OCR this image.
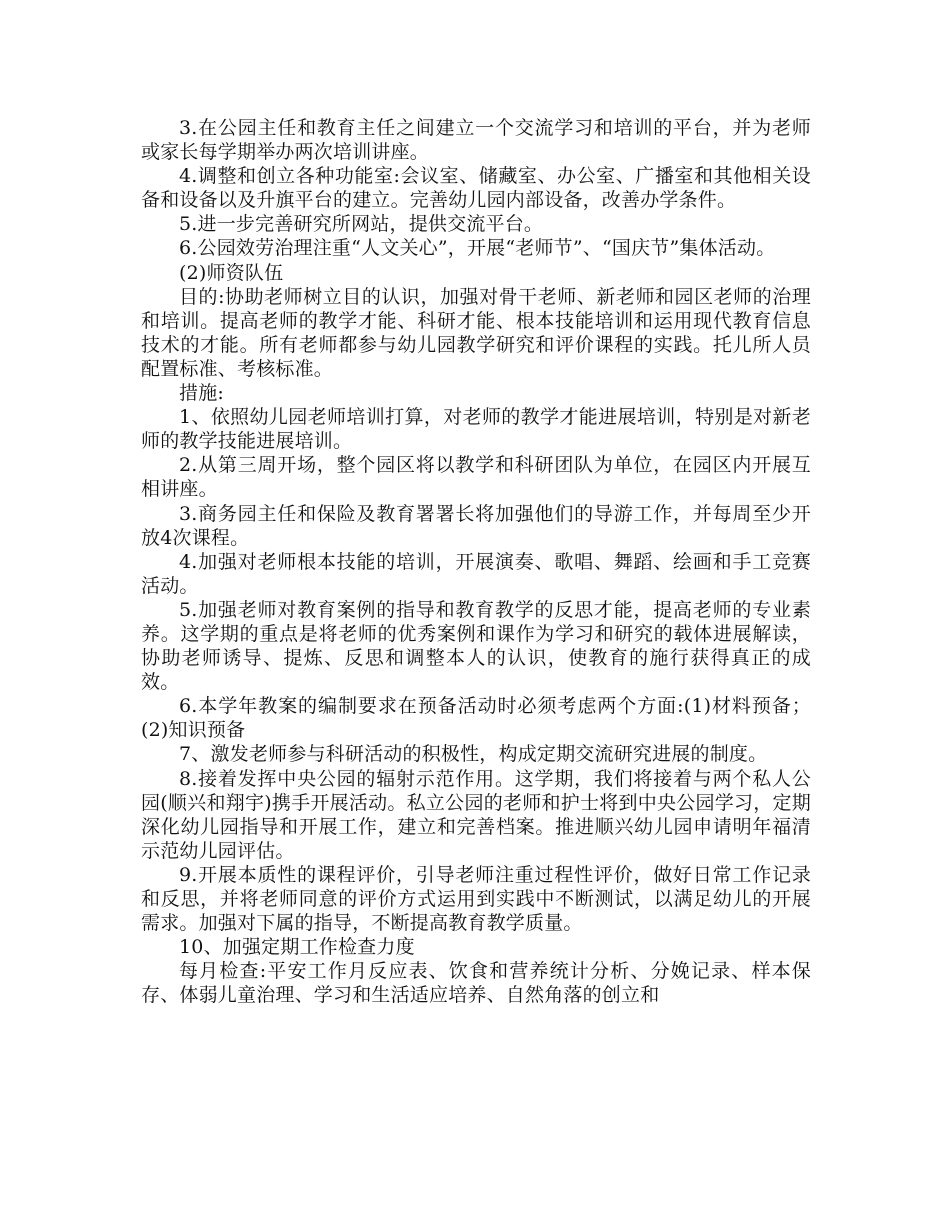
3.在公园主任和教育主任之间建立一个交流学习和培训的平台，并为老师或家长每学期举办两次培训讲座。

4.调整和创立各种功能室:会议室、储藏室、办公室、广播室和其他相关设备和设备以及升旗平台的建立。完善幼儿园内部设备，改善办学条件。

5.进一步完善研究所网站，提供交流平台。

6.公园效劳治理注重“人文关心”，开展“老师节”、“国庆节”集体活动。

(2)师资队伍

目的:协助老师树立目的认识，加强对骨干老师、新老师和园区老师的治理和培训。提高老师的教学才能、科研才能、根本技能培训和运用现代教育信息技术的才能。所有老师都参与幼儿园教学研究和评价课程的实践。托儿所人员配置标准、考核标准。

措施:

1、依照幼儿园老师培训打算，对老师的教学才能进展培训，特别是对新老师的教学技能进展培训。

2.从第三周开场，整个园区将以教学和科研团队为单位，在园区内开展互相讲座。

3.商务园主任和保险及教育署署长将加强他们的导游工作，并每周至少开放4次课程。

4.加强对老师根本技能的培训，开展演奏、歌唱、舞蹈、绘画和手工竞赛活动。

5.加强老师对教育案例的指导和教育教学的反思才能，提高老师的专业素养。这学期的重点是将老师的优秀案例和课作为学习和研究的载体进展解读，协助老师诱导、提炼、反思和调整本人的认识，使教育的施行获得真正的成效。

6.本学年教案的编制要求在预备活动时必须考虑两个方面:(1)材料预备；(2)知识预备

7、激发老师参与科研活动的积极性，构成定期交流研究进展的制度。

8.接着发挥中央公园的辐射示范作用。这学期，我们将接着与两个私人公园(顺兴和翔宇)携手开展活动。私立公园的老师和护士将到中央公园学习，定期深化幼儿园指导和开展工作，建立和完善档案。推进顺兴幼儿园申请明年福清示范幼儿园评估。

9.开展本质性的课程评价，引导老师注重过程性评价，做好日常工作记录和反思，并将老师同意的评价方式运用到实践中不断测试，以满足幼儿的开展需求。加强对下属的指导，不断提高教育教学质量。

10、加强定期工作检查力度

每月检查:平安工作月反应表、饮食和营养统计分析、分娩记录、样本保存、体弱儿童治理、学习和生活适应培养、自然角落的创立和
